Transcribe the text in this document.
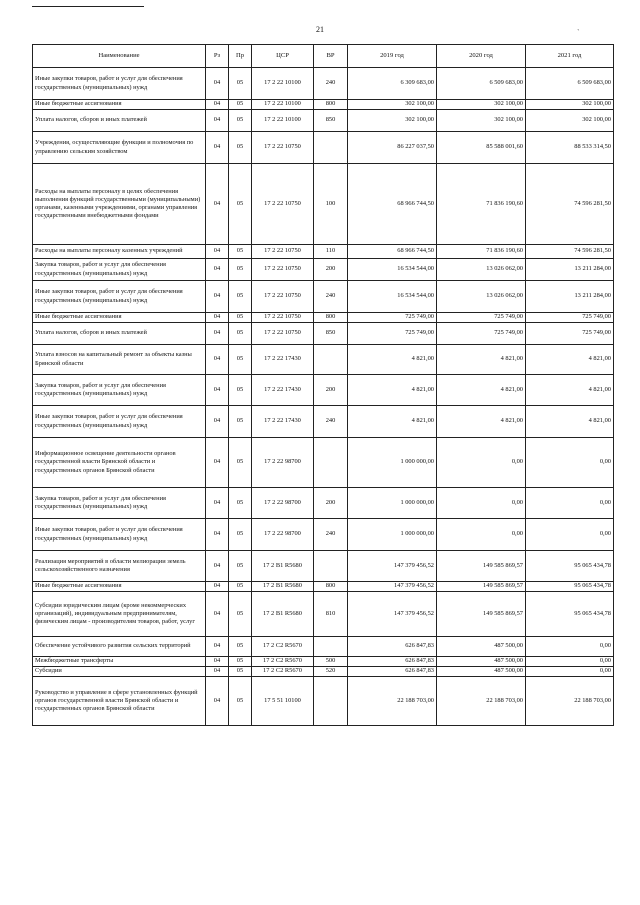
21	`
Наименование	Рз	Пр	ЦСР	ВР	2019 год	2020 год	2021 год
Иные закупки товаров, работ и услуг для обеспечения государственных (муниципальных) нужд	04	05	17 2 22 10100	240	6 309 683,00	6 509 683,00	6 509 683,00
Иные бюджетные ассигнования	04	05	17 2 22 10100	800	302 100,00	302 100,00	302 100,00
Уплата налогов, сборов и иных платежей	04	05	17 2 22 10100	850	302 100,00	302 100,00	302 100,00
Учреждения, осуществляющие функции и полномочия по управлению сельским хозяйством	04	05	17 2 22 10750		86 227 037,50	85 588 001,60	88 533 314,50
Расходы на выплаты персоналу в целях обеспечения выполнения функций государственными (муниципальными) органами, казенными учреждениями, органами управления государственными внебюджетными фондами	04	05	17 2 22 10750	100	68 966 744,50	71 836 190,60	74 596 281,50
Расходы на выплаты персоналу казенных учреждений	04	05	17 2 22 10750	110	68 966 744,50	71 836 190,60	74 596 281,50
Закупка товаров, работ и услуг для обеспечения государственных (муниципальных) нужд	04	05	17 2 22 10750	200	16 534 544,00	13 026 062,00	13 211 284,00
Иные закупки товаров, работ и услуг для обеспечения государственных (муниципальных) нужд	04	05	17 2 22 10750	240	16 534 544,00	13 026 062,00	13 211 284,00
Иные бюджетные ассигнования	04	05	17 2 22 10750	800	725 749,00	725 749,00	725 749,00
Уплата налогов, сборов и иных платежей	04	05	17 2 22 10750	850	725 749,00	725 749,00	725 749,00
Уплата взносов на капитальный ремонт за объекты казны Брянской области	04	05	17 2 22 17430		4 821,00	4 821,00	4 821,00
Закупка товаров, работ и услуг для обеспечения государственных (муниципальных) нужд	04	05	17 2 22 17430	200	4 821,00	4 821,00	4 821,00
Иные закупки товаров, работ и услуг для обеспечения государственных (муниципальных) нужд	04	05	17 2 22 17430	240	4 821,00	4 821,00	4 821,00
Информационное освещение деятельности органов государственной власти Брянской области и государственных органов Брянской области	04	05	17 2 22 98700		1 000 000,00	0,00	0,00
Закупка товаров, работ и услуг для обеспечения государственных (муниципальных) нужд	04	05	17 2 22 98700	200	1 000 000,00	0,00	0,00
Иные закупки товаров, работ и услуг для обеспечения государственных (муниципальных) нужд	04	05	17 2 22 98700	240	1 000 000,00	0,00	0,00
Реализация мероприятий в области мелиорации земель сельскохозяйственного назначения	04	05	17 2 B1 R5680		147 379 456,52	149 585 869,57	95 065 434,78
Иные бюджетные ассигнования	04	05	17 2 B1 R5680	800	147 379 456,52	149 585 869,57	95 065 434,78
Субсидии юридическим лицам (кроме некоммерческих организаций), индивидуальным предпринимателям, физическим лицам - производителям товаров, работ, услуг	04	05	17 2 B1 R5680	810	147 379 456,52	149 585 869,57	95 065 434,78
Обеспечение устойчивого развития сельских территорий	04	05	17 2 C2 R5670		626 847,83	487 500,00	0,00
Межбюджетные трансферты	04	05	17 2 C2 R5670	500	626 847,83	487 500,00	0,00
Субсидии	04	05	17 2 C2 R5670	520	626 847,83	487 500,00	0,00
Руководство и управление в сфере установленных функций органов государственной власти Брянской области и государственных органов Брянской области	04	05	17 5 51 10100		22 188 703,00	22 188 703,00	22 188 703,00
